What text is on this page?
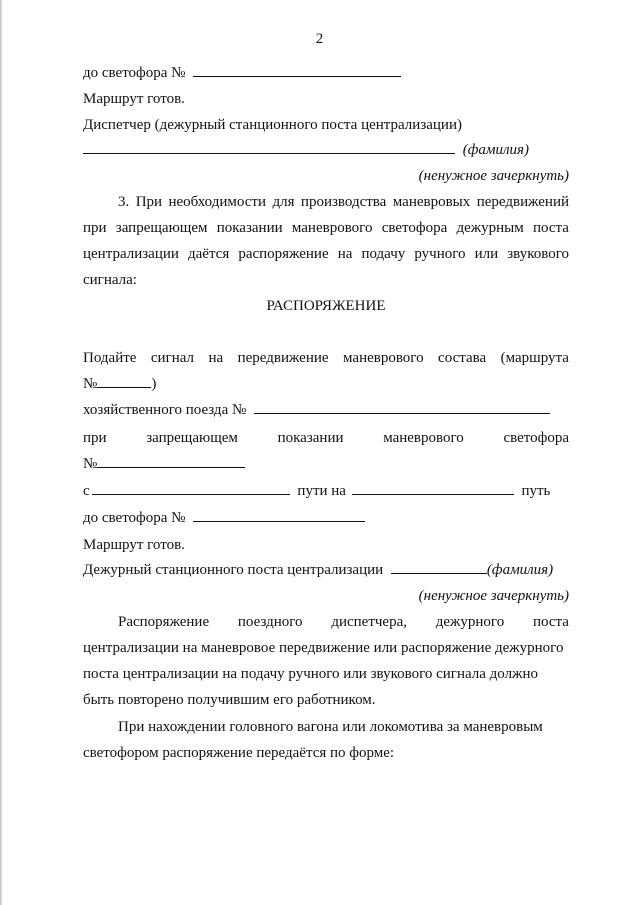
2
до светофора №
Маршрут готов.
Диспетчер (дежурный станционного поста централизации)
(фамилия)
(ненужное зачеркнуть)
3. При необходимости для производства маневровых передвижений
при запрещающем показании маневрового светофора дежурным поста
централизации даётся распоряжение на подачу ручного или звукового
сигнала:
РАСПОРЯЖЕНИЕ
Подайте сигнал на передвижение маневрового состава (маршрута
№	)
хозяйственного поезда №
при	запрещающем	показании	маневрового	светофора
№
с	пути на	путь
до светофора №
Маршрут готов.
Дежурный станционного поста централизации	(фамилия)
(ненужное зачеркнуть)
Распоряжение поездного диспетчера, дежурного поста
централизации на маневровое передвижение или распоряжение дежурного
поста централизации на подачу ручного или звукового сигнала должно
быть повторено получившим его работником.
При нахождении головного вагона или локомотива за маневровым
светофором распоряжение передаётся по форме:
